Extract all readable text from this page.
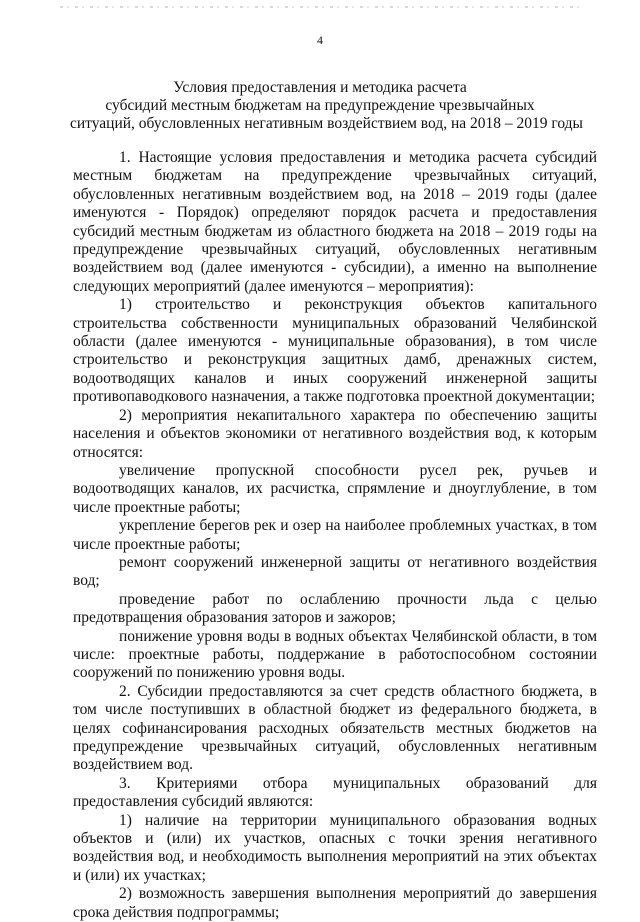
4
Условия предоставления и методика расчета
субсидий местным бюджетам на предупреждение чрезвычайных
ситуаций, обусловленных негативным воздействием вод, на 2018 – 2019 годы

1. Настоящие условия предоставления и методика расчета субсидий местным бюджетам на предупреждение чрезвычайных ситуаций, обусловленных негативным воздействием вод, на 2018 – 2019 годы (далее именуются - Порядок) определяют порядок расчета и предоставления субсидий местным бюджетам из областного бюджета на 2018 – 2019 годы на предупреждение чрезвычайных ситуаций, обусловленных негативным воздействием вод (далее именуются - субсидии), а именно на выполнение следующих мероприятий (далее именуются – мероприятия):

1) строительство и реконструкция объектов капитального строительства собственности муниципальных образований Челябинской области (далее именуются - муниципальные образования), в том числе строительство и реконструкция защитных дамб, дренажных систем, водоотводящих каналов и иных сооружений инженерной защиты противопаводкового назначения, а также подготовка проектной документации;

2) мероприятия некапитального характера по обеспечению защиты населения и объектов экономики от негативного воздействия вод, к которым относятся:

увеличение пропускной способности русел рек, ручьев и водоотводящих каналов, их расчистка, спрямление и дноуглубление, в том числе проектные работы;

укрепление берегов рек и озер на наиболее проблемных участках, в том числе проектные работы;

ремонт сооружений инженерной защиты от негативного воздействия вод;

проведение работ по ослаблению прочности льда с целью предотвращения образования заторов и зажоров;

понижение уровня воды в водных объектах Челябинской области, в том числе: проектные работы, поддержание в работоспособном состоянии сооружений по понижению уровня воды.

2. Субсидии предоставляются за счет средств областного бюджета, в том числе поступивших в областной бюджет из федерального бюджета, в целях софинансирования расходных обязательств местных бюджетов на предупреждение чрезвычайных ситуаций, обусловленных негативным воздействием вод.

3. Критериями отбора муниципальных образований для предоставления субсидий являются:

1) наличие на территории муниципального образования водных объектов и (или) их участков, опасных с точки зрения негативного воздействия вод, и необходимость выполнения мероприятий на этих объектах и (или) их участках;

2) возможность завершения выполнения мероприятий до завершения срока действия подпрограммы;
